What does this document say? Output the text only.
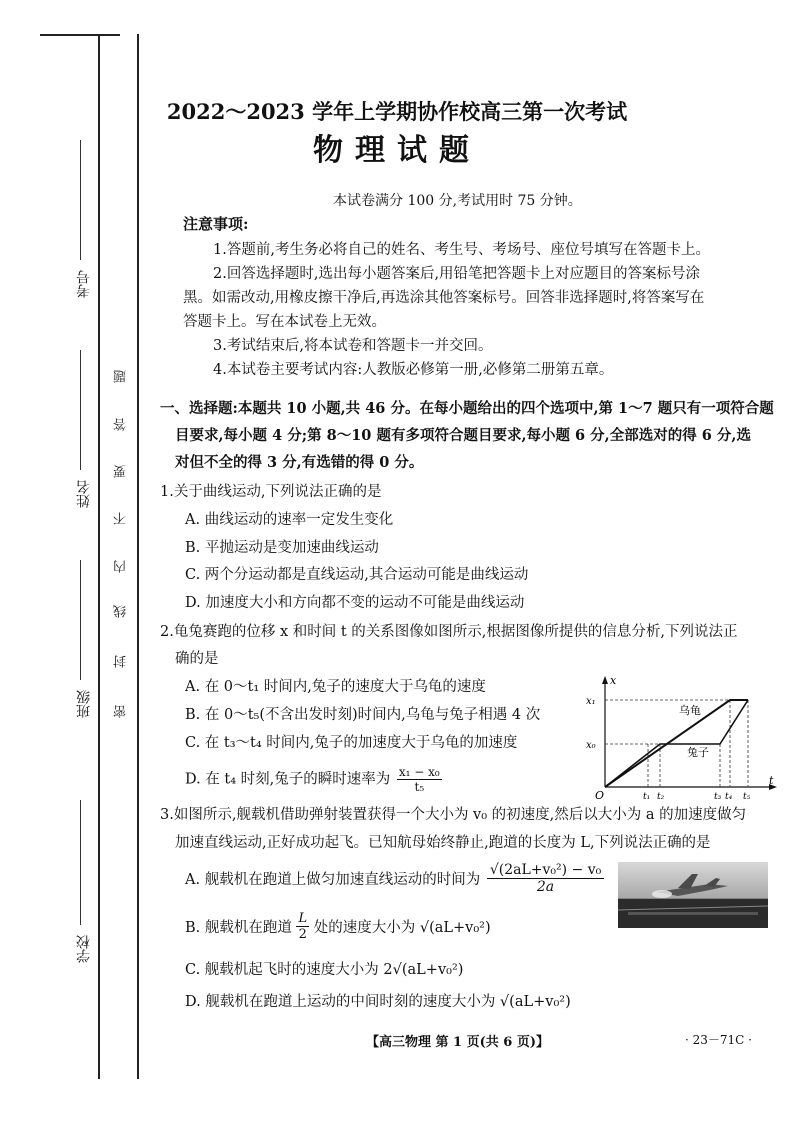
考号
姓名
班级
学校
密
封
线
内
不
要
答
题
2022～2023 学年上学期协作校高三第一次考试
物理试题
本试卷满分 100 分,考试用时 75 分钟。
注意事项:
1.答题前,考生务必将自己的姓名、考生号、考场号、座位号填写在答题卡上。
2.回答选择题时,选出每小题答案后,用铅笔把答题卡上对应题目的答案标号涂
黑。如需改动,用橡皮擦干净后,再选涂其他答案标号。回答非选择题时,将答案写在
答题卡上。写在本试卷上无效。
3.考试结束后,将本试卷和答题卡一并交回。
4.本试卷主要考试内容:人教版必修第一册,必修第二册第五章。
一、选择题:本题共 10 小题,共 46 分。在每小题给出的四个选项中,第 1～7 题只有一项符合题
目要求,每小题 4 分;第 8～10 题有多项符合题目要求,每小题 6 分,全部选对的得 6 分,选
对但不全的得 3 分,有选错的得 0 分。
1.关于曲线运动,下列说法正确的是
A. 曲线运动的速率一定发生变化
B. 平抛运动是变加速曲线运动
C. 两个分运动都是直线运动,其合运动可能是曲线运动
D. 加速度大小和方向都不变的运动不可能是曲线运动
2.龟兔赛跑的位移 x 和时间 t 的关系图像如图所示,根据图像所提供的信息分析,下列说法正
确的是
A. 在 0～t₁ 时间内,兔子的速度大于乌龟的速度
B. 在 0～t₅(不含出发时刻)时间内,乌龟与兔子相遇 4 次
C. 在 t₃～t₄ 时间内,兔子的加速度大于乌龟的加速度
D. 在 t₄ 时刻,兔子的瞬时速率为 $\frac{\text{x₁ − x₀}}{\text{t₅}}$
x
t
O
x₁
x₀
t₁ t₂	t₃ t₄ t₅
乌龟
兔子
3.如图所示,舰载机借助弹射装置获得一个大小为 v₀ 的初速度,然后以大小为 a 的加速度做匀
加速直线运动,正好成功起飞。已知航母始终静止,跑道的长度为 L,下列说法正确的是
A. 舰载机在跑道上做匀加速直线运动的时间为 $\frac{\text{√(2aL+v₀²) − v₀}}{2a}$
B. 舰载机在跑道 $\frac{L}{2}$ 处的速度大小为 √(aL+v₀²)
C. 舰载机起飞时的速度大小为 2√(aL+v₀²)
D. 舰载机在跑道上运动的中间时刻的速度大小为 √(aL+v₀²)
【高三物理 第 1 页(共 6 页)】	· 23－71C ·
